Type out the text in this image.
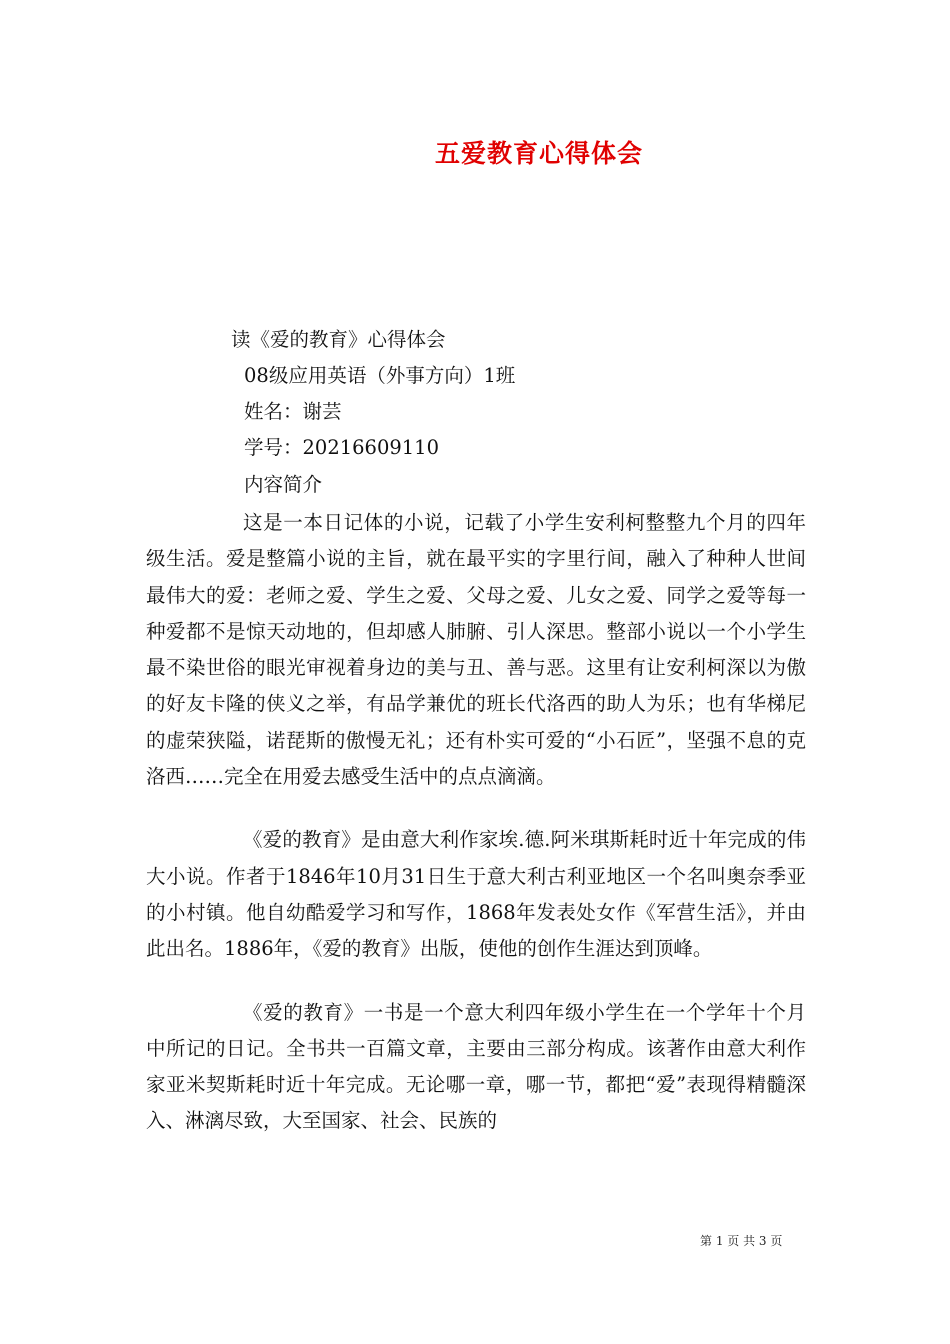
五爱教育心得体会
读《爱的教育》心得体会
08级应用英语（外事方向）1班
姓名：谢芸
学号：20216609110
内容简介

这是一本日记体的小说，记载了小学生安利柯整整九个月的四年级生活。爱是整篇小说的主旨，就在最平实的字里行间，融入了种种人世间最伟大的爱：老师之爱、学生之爱、父母之爱、儿女之爱、同学之爱等每一种爱都不是惊天动地的，但却感人肺腑、引人深思。整部小说以一个小学生最不染世俗的眼光审视着身边的美与丑、善与恶。这里有让安利柯深以为傲的好友卡隆的侠义之举，有品学兼优的班长代洛西的助人为乐；也有华梯尼的虚荣狭隘，诺琵斯的傲慢无礼；还有朴实可爱的“小石匠”，坚强不息的克洛西……完全在用爱去感受生活中的点点滴滴。

《爱的教育》是由意大利作家埃.德.阿米琪斯耗时近十年完成的伟大小说。作者于1846年10月31日生于意大利古利亚地区一个名叫奥奈季亚的小村镇。他自幼酷爱学习和写作，1868年发表处女作《军营生活》，并由此出名。1886年，《爱的教育》出版，使他的创作生涯达到顶峰。

《爱的教育》一书是一个意大利四年级小学生在一个学年十个月中所记的日记。全书共一百篇文章，主要由三部分构成。该著作由意大利作家亚米契斯耗时近十年完成。无论哪一章，哪一节，都把“爱”表现得精髓深入、淋漓尽致，大至国家、社会、民族的

第 1 页 共 3 页
